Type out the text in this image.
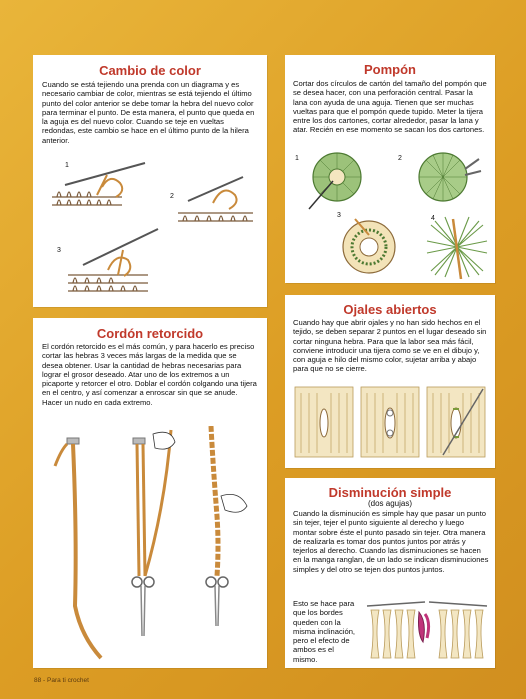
Cambio de color
Cuando se está tejiendo una prenda con un diagrama y es necesario cambiar de color, mientras se está tejiendo el último punto del color anterior se debe tomar la hebra del nuevo color para terminar el punto. De esta manera, el punto que queda en la aguja es del nuevo color. Cuando se teje en vueltas redondas, este cambio se hace en el último punto de la hilera anterior.
1
2
3
Pompón
Cortar dos círculos de cartón del tamaño del pompón que se desea hacer, con una perforación central. Pasar la lana con ayuda de una aguja. Tienen que ser muchas vueltas para que el pompón quede tupido. Meter la tijera entre los dos cartones, cortar alrededor, pasar la lana y atar. Recién en ese momento se sacan los dos cartones.
1	2
3	4
Cordón retorcido
El cordón retorcido es el más común, y para hacerlo es preciso cortar las hebras 3 veces más largas de la medida que se desea obtener. Usar la cantidad de hebras necesarias para lograr el grosor deseado. Atar uno de los extremos a un picaporte y retorcer el otro. Doblar el cordón colgando una tijera en el centro, y así comenzar a enroscar sin que se anude. Hacer un nudo en cada extremo.
Ojales abiertos
Cuando hay que abrir ojales y no han sido hechos en el tejido, se deben separar 2 puntos en el lugar deseado sin cortar ninguna hebra. Para que la labor sea más fácil, conviene introducir una tijera como se ve en el dibujo y, con aguja e hilo del mismo color, sujetar arriba y abajo para que no se cierre.
Disminución simple
(dos agujas)
Cuando la disminución es simple hay que pasar un punto sin tejer, tejer el punto siguiente al derecho y luego montar sobre éste el punto pasado sin tejer. Otra manera de realizarla es tomar dos puntos juntos por atrás y tejerlos al derecho. Cuando las disminuciones se hacen en la manga ranglan, de un lado se indican disminuciones simples y del otro se tejen dos puntos juntos.
Esto se hace para que los bordes queden con la misma inclinación, pero el efecto de ambos es el mismo.
88 - Para ti crochet
